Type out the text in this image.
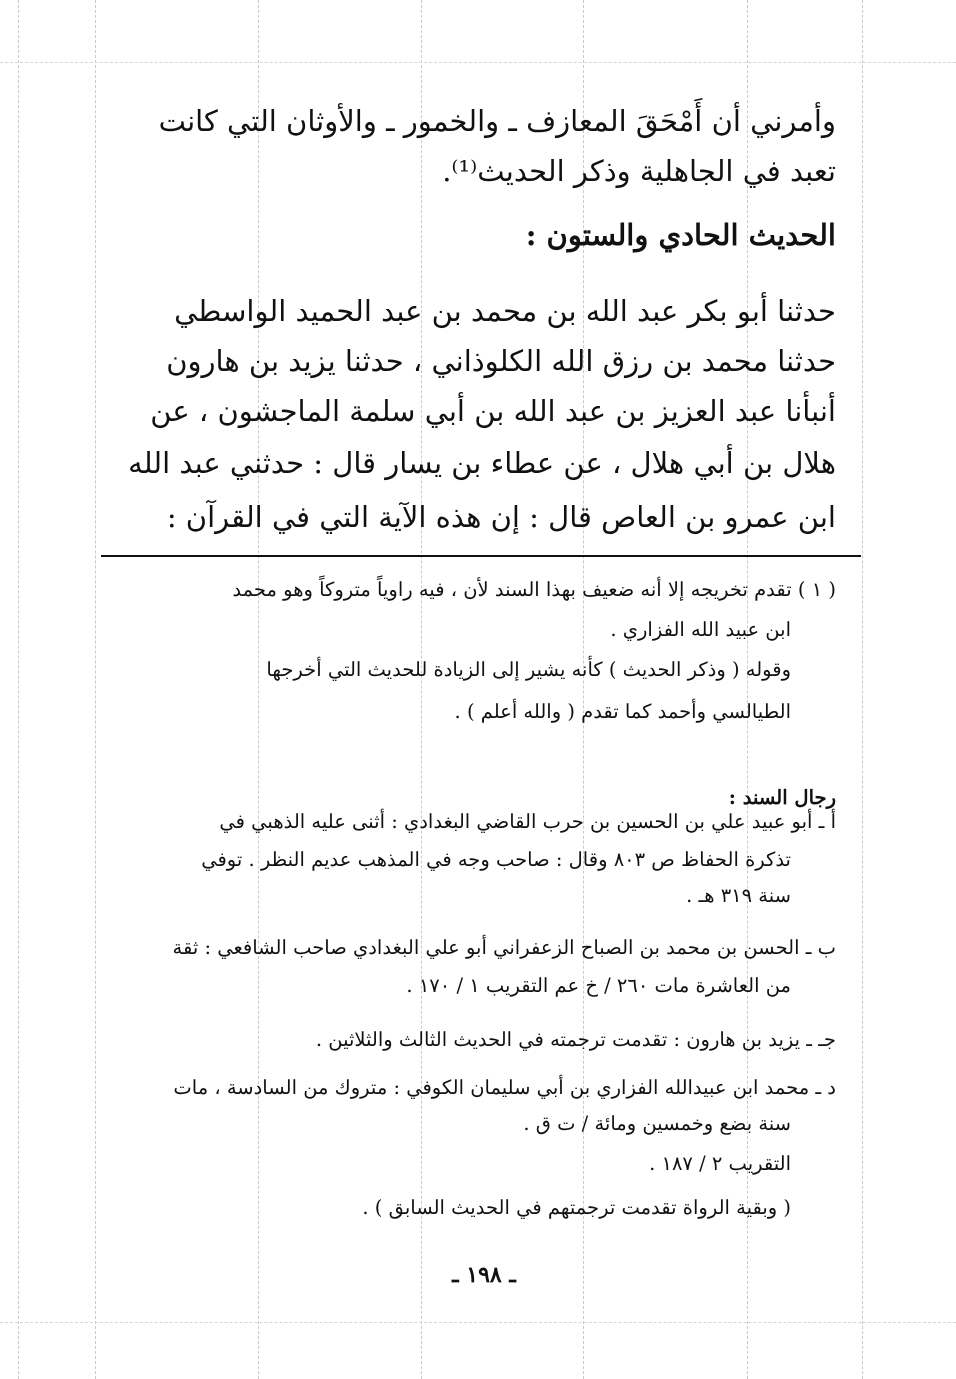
وأمرني أن أَمْحَقَ المعازف ـ والخمور ـ والأوثان التي كانت
تعبد في الجاهلية وذكر الحديث⁽¹⁾.
الحديث الحادي والستون :
حدثنا أبو بكر عبد الله بن محمد بن عبد الحميد الواسطي
حدثنا محمد بن رزق الله الكلوذاني ، حدثنا يزيد بن هارون
أنبأنا عبد العزيز بن عبد الله بن أبي سلمة الماجشون ، عن
هلال بن أبي هلال ، عن عطاء بن يسار قال : حدثني عبد الله
ابن عمرو بن العاص قال : إن هذه الآية التي في القرآن :
( ١ ) تقدم تخريجه إلا أنه ضعيف بهذا السند لأن ، فيه راوياً متروكاً وهو محمد
ابن عبيد الله الفزاري .
وقوله ( وذكر الحديث ) كأنه يشير إلى الزيادة للحديث التي أخرجها
الطيالسي وأحمد كما تقدم ( والله أعلم ) .
رجال السند :
أ ـ أبو عبيد علي بن الحسين بن حرب القاضي البغدادي : أثنى عليه الذهبي في
تذكرة الحفاظ ص ٨٠٣ وقال : صاحب وجه في المذهب عديم النظر . توفي
سنة ٣١٩ هـ .
ب ـ الحسن بن محمد بن الصباح الزعفراني أبو علي البغدادي صاحب الشافعي : ثقة
من العاشرة مات ٢٦٠ / خ عم التقريب ١ / ١٧٠ .
جـ ـ يزيد بن هارون : تقدمت ترجمته في الحديث الثالث والثلاثين .
د ـ محمد ابن عبيدالله الفزاري بن أبي سليمان الكوفي : متروك من السادسة ، مات
سنة بضع وخمسين ومائة / ت ق .
التقريب ٢ / ١٨٧ .
( وبقية الرواة تقدمت ترجمتهم في الحديث السابق ) .
ـ ١٩٨ ـ
